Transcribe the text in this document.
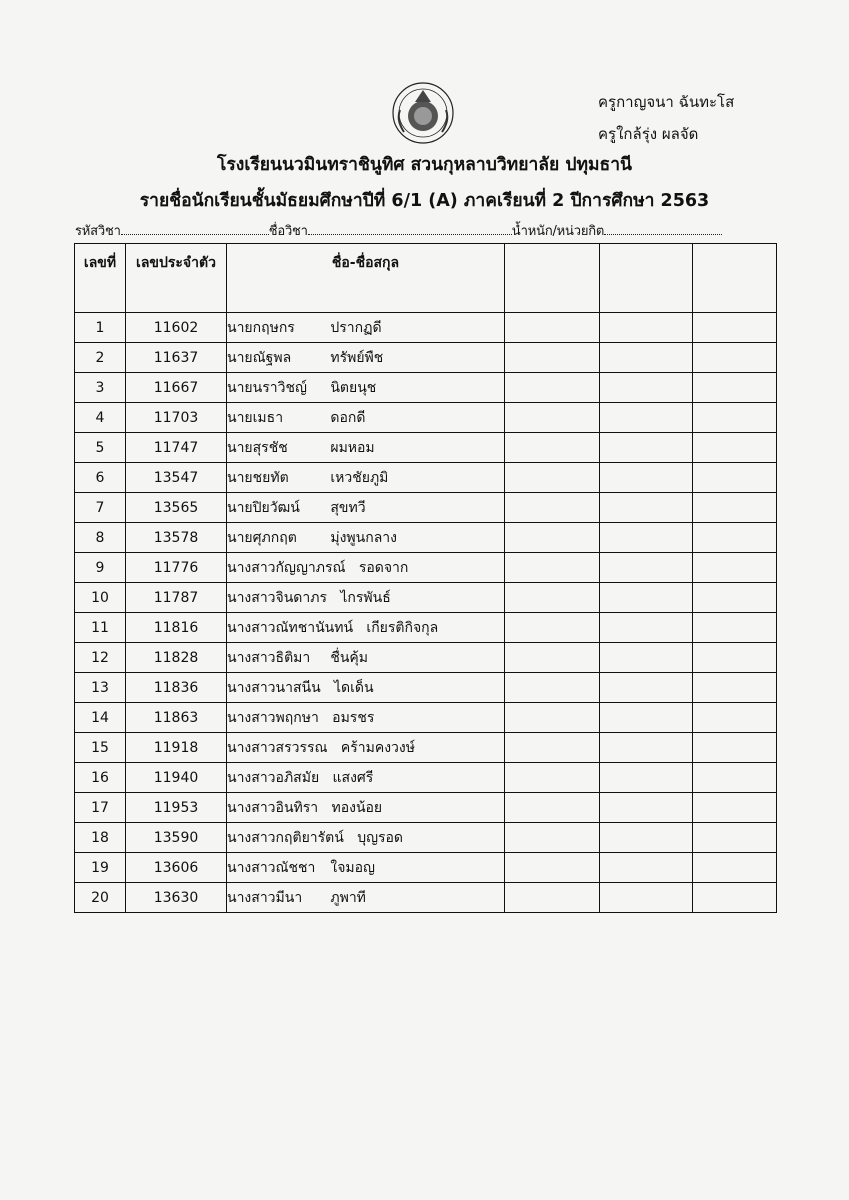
ครูกาญจนา ฉันทะโส
ครูใกล้รุ่ง ผลจัด
โรงเรียนนวมินทราชินูทิศ สวนกุหลาบวิทยาลัย ปทุมธานี
รายชื่อนักเรียนชั้นมัธยมศึกษาปีที่ 6/1 (A) ภาคเรียนที่ 2 ปีการศึกษา 2563
รหัสวิชา	ชื่อวิชา	น้ำหนัก/หน่วยกิต
เลขที่	เลขประจำตัว	ชื่อ-ชื่อสกุล			
1	11602	นายกฤษกร ปรากฏดี			
2	11637	นายณัฐพล ทรัพย์พืช			
3	11667	นายนราวิชญ์ นิตยนุช			
4	11703	นายเมธา ดอกดี			
5	11747	นายสุรชัช ผมหอม			
6	13547	นายชยทัต เหวชัยภูมิ			
7	13565	นายปิยวัฒน์ สุขทวี			
8	13578	นายศุภกฤต มุ่งพูนกลาง			
9	11776	นางสาวกัญญาภรณ์ รอดจาก			
10	11787	นางสาวจินดาภร ไกรพันธ์			
11	11816	นางสาวณัทชานันทน์ เกียรติกิจกุล			
12	11828	นางสาวธิติมา ชื่นคุ้ม			
13	11836	นางสาวนาสนีน ไดเด็น			
14	11863	นางสาวพฤกษา อมรชร			
15	11918	นางสาวสรวรรณ คร้ามคงวงษ์			
16	11940	นางสาวอภิสมัย แสงศรี			
17	11953	นางสาวอินทิรา ทองน้อย			
18	13590	นางสาวกฤติยารัตน์ บุญรอด			
19	13606	นางสาวณัชชา ใจมอญ			
20	13630	นางสาวมีนา ภูพาที			
